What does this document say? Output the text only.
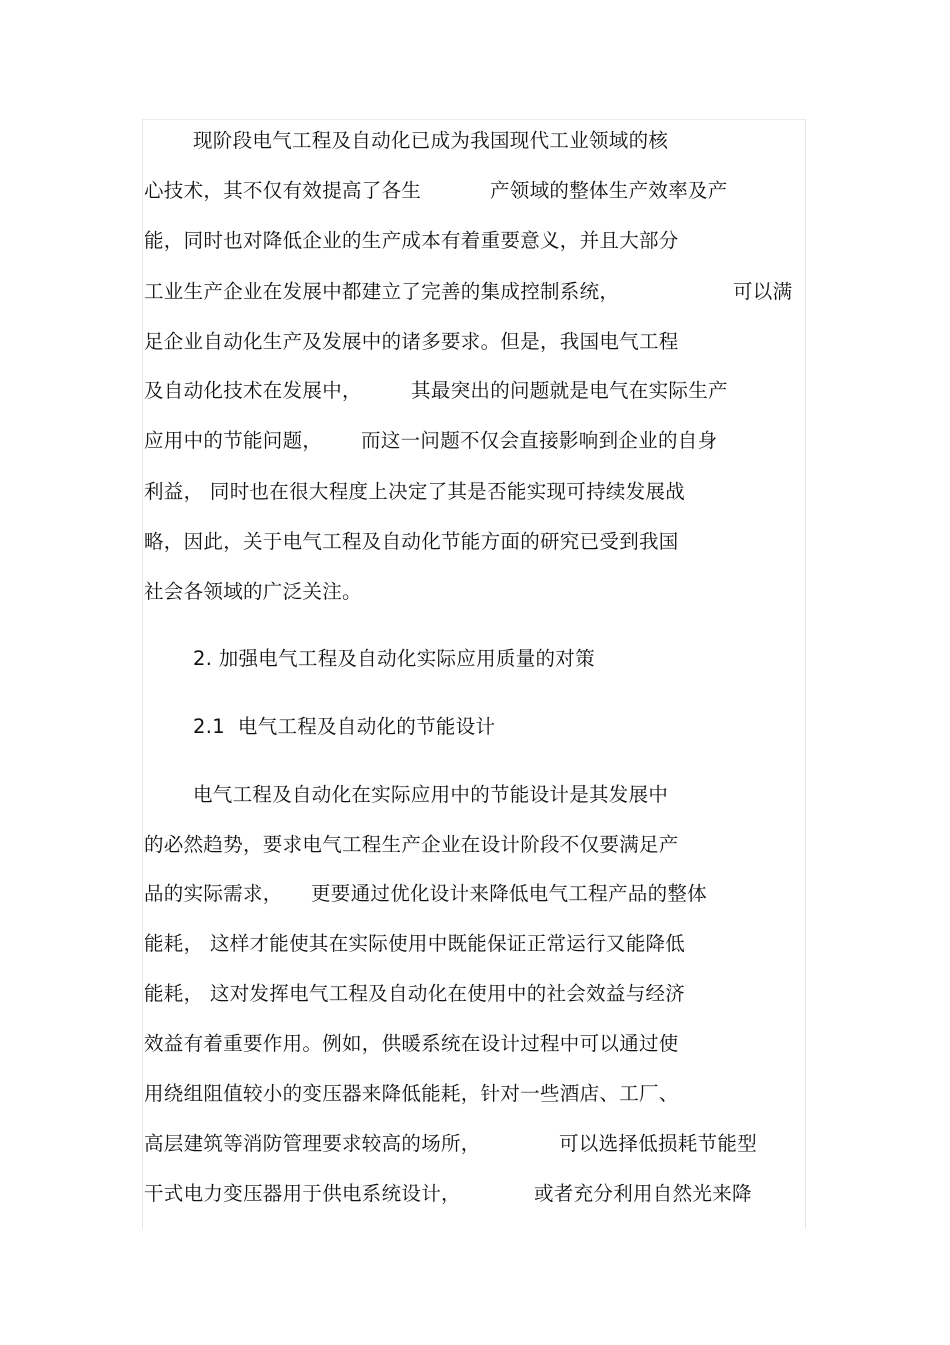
现阶段电气工程及自动化已成为我国现代工业领域的核
心技术，其不仅有效提高了各生	产领域的整体生产效率及产
能，同时也对降低企业的生产成本有着重要意义，并且大部分
工业生产企业在发展中都建立了完善的集成控制系统，	可以满
足企业自动化生产及发展中的诸多要求。但是，我国电气工程
及自动化技术在发展中，	其最突出的问题就是电气在实际生产
应用中的节能问题， 而这一问题不仅会直接影响到企业的自身
利益， 同时也在很大程度上决定了其是否能实现可持续发展战
略，因此，关于电气工程及自动化节能方面的研究已受到我国
社会各领域的广泛关注。
2. 加强电气工程及自动化实际应用质量的对策
2.1  电气工程及自动化的节能设计
电气工程及自动化在实际应用中的节能设计是其发展中
的必然趋势，要求电气工程生产企业在设计阶段不仅要满足产
品的实际需求， 更要通过优化设计来降低电气工程产品的整体
能耗， 这样才能使其在实际使用中既能保证正常运行又能降低
能耗， 这对发挥电气工程及自动化在使用中的社会效益与经济
效益有着重要作用。例如，供暖系统在设计过程中可以通过使
用绕组阻值较小的变压器来降低能耗，针对一些酒店、工厂、
高层建筑等消防管理要求较高的场所，	可以选择低损耗节能型
干式电力变压器用于供电系统设计，	或者充分利用自然光来降
